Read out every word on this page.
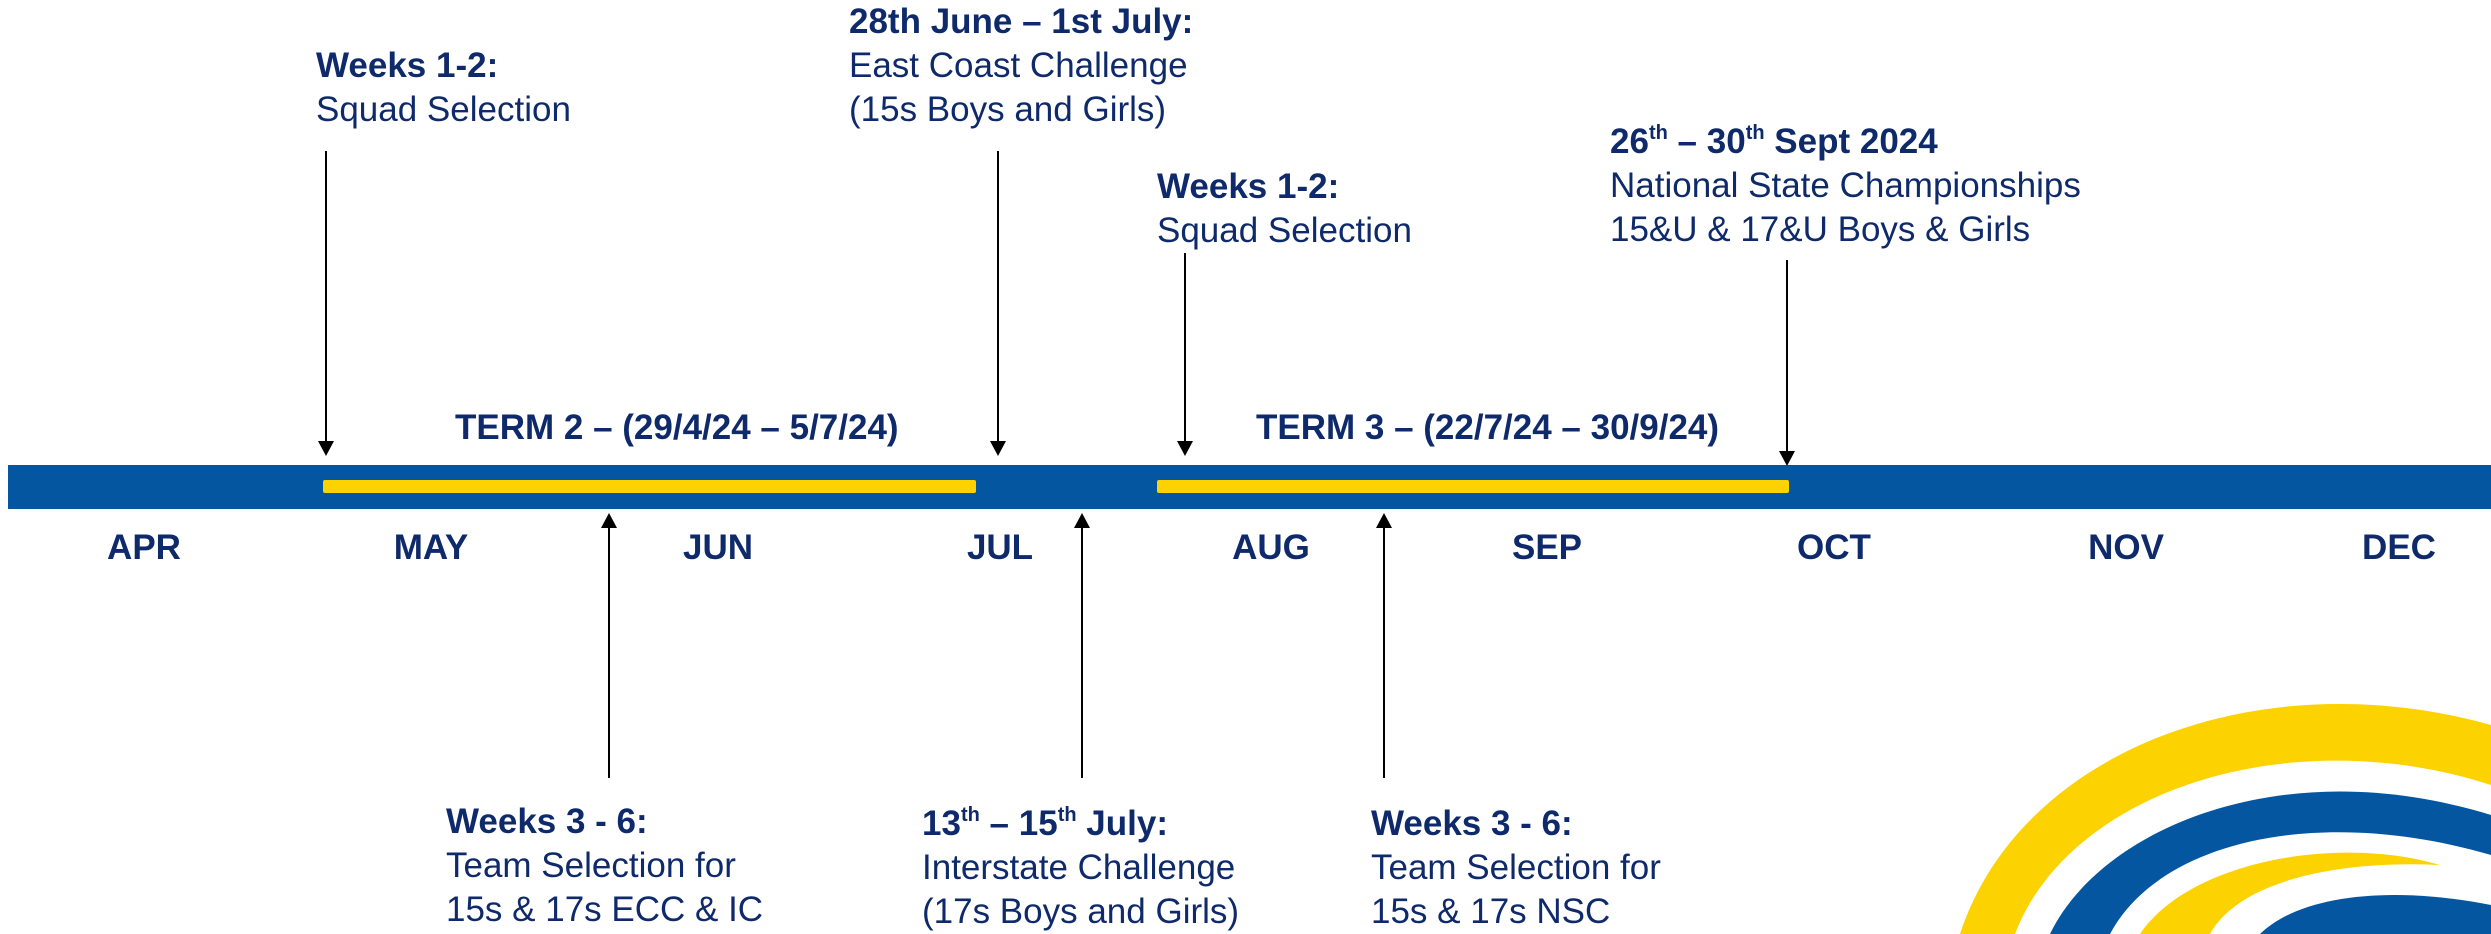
TERM 2 – (29/4/24 – 5/7/24)	TERM 3 – (22/7/24 – 30/9/24)
APR	MAY	JUN	JUL	AUG	SEP	OCT	NOV	DEC
Weeks 1-2:
Squad Selection
28th June – 1st July:
East Coast Challenge
(15s Boys and Girls)
Weeks 1-2:
Squad Selection
26th – 30th Sept 2024
National State Championships
15&U & 17&U Boys & Girls
Weeks 3 - 6:
Team Selection for
15s & 17s ECC & IC
13th – 15th July:
Interstate Challenge
(17s Boys and Girls)
Weeks 3 - 6:
Team Selection for
15s & 17s NSC
